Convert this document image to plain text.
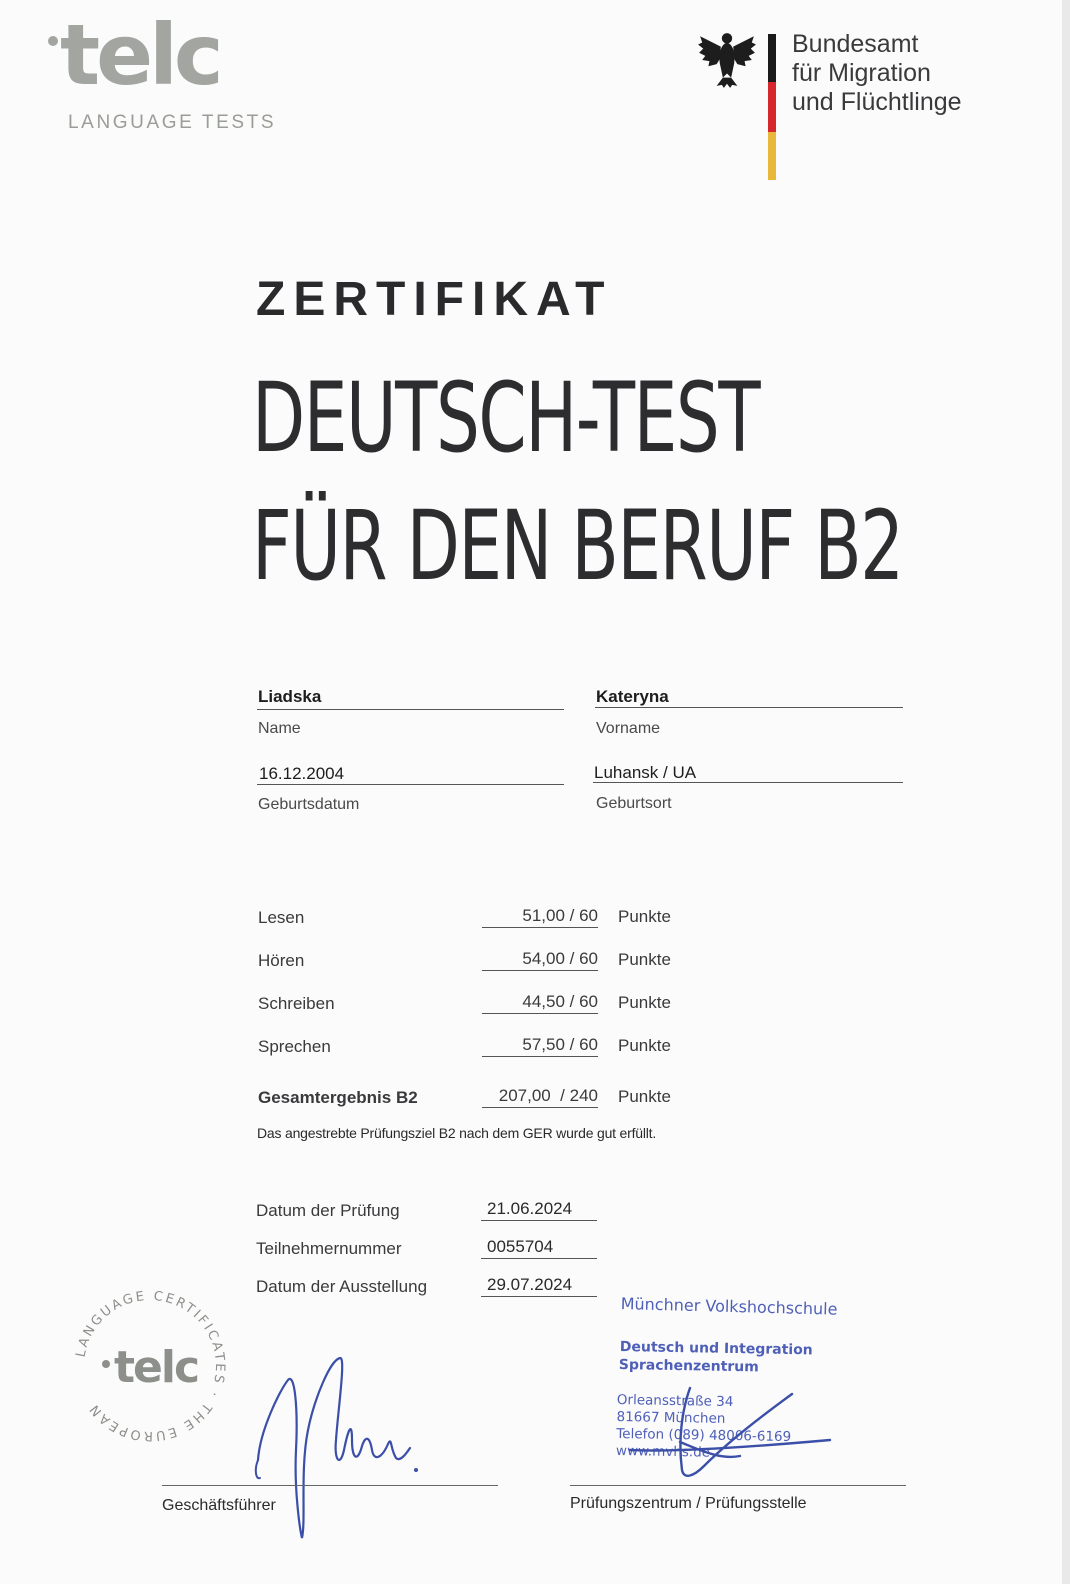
telc
LANGUAGE TESTS
Bundesamt
für Migration
und Flüchtlinge
ZERTIFIKAT
DEUTSCH-TEST
FÜR DEN BERUF B2
Liadska
Name
Kateryna
Vorname
16.12.2004
Geburtsdatum
Luhansk / UA
Geburtsort
Lesen	51,00 / 60 Punkte
Hören	54,00 / 60 Punkte
Schreiben	44,50 / 60 Punkte
Sprechen	57,50 / 60 Punkte
Gesamtergebnis B2	207,00  / 240 Punkte
Das angestrebte Prüfungsziel B2 nach dem GER wurde gut erfüllt.
Datum der Prüfung	21.06.2024
Teilnehmernummer	0055704
Datum der Ausstellung	29.07.2024
LANGUAGE CERTIFICATES · THE EUROPEAN
telc
Münchner Volkshochschule
Deutsch und Integration
Sprachenzentrum
Orleansstraße 34
81667 München
Telefon (089) 48006-6169
www.mvhs.de
Geschäftsführer	Prüfungszentrum / Prüfungsstelle
